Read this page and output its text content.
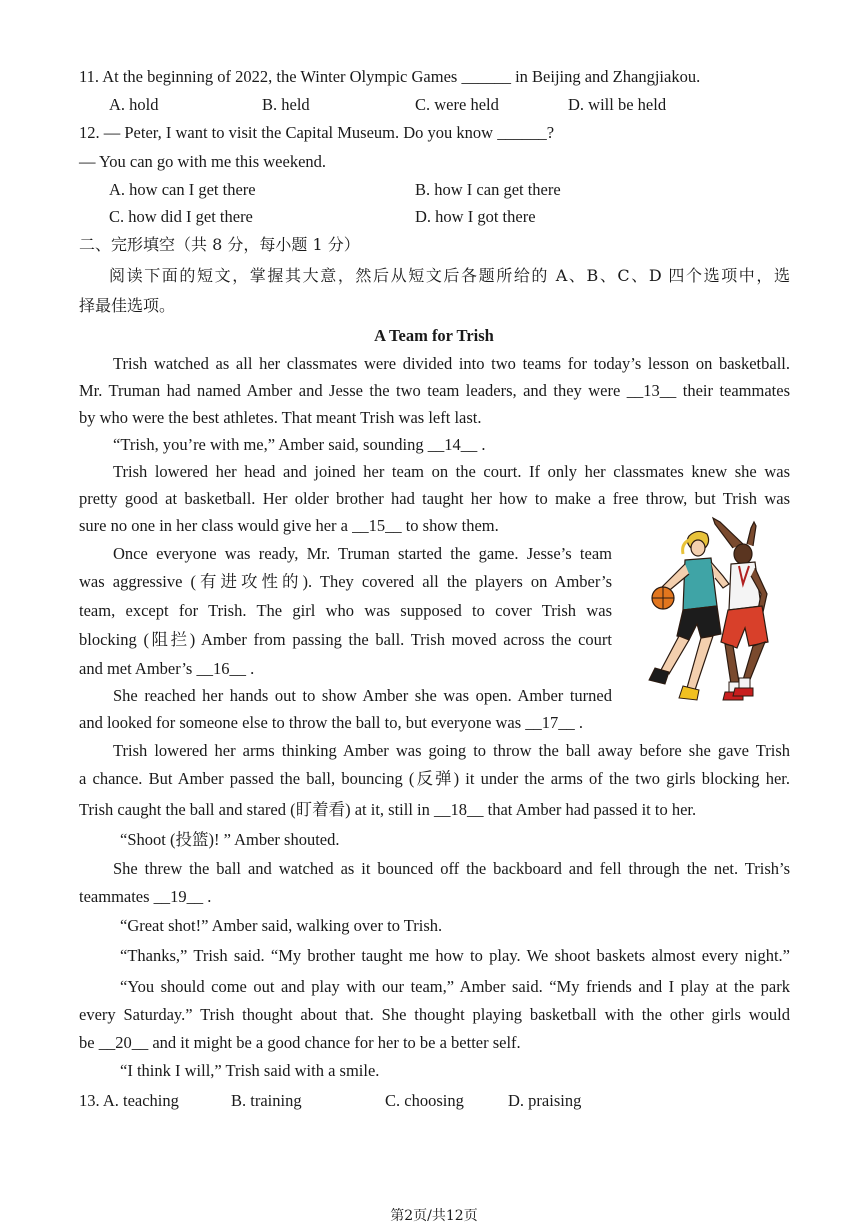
11. At the beginning of 2022, the Winter Olympic Games ______ in Beijing and Zhangjiakou.
A. hold	B. held	C. were held	D. will be held
12. — Peter, I want to visit the Capital Museum. Do you know ______?
— You can go with me this weekend.
A. how can I get there	B. how I can get there
C. how did I get there	D. how I got there
二、完形填空（共 8 分，每小题 1 分）
阅读下面的短文，掌握其大意，然后从短文后各题所给的 A、B、C、D 四个选项中，选
择最佳选项。
A Team for Trish
Trish watched as all her classmates were divided into two teams for today’s lesson on basketball.
Mr. Truman had named Amber and Jesse the two team leaders, and they were __13__ their teammates
by who were the best athletes. That meant Trish was left last.
“Trish, you’re with me,” Amber said, sounding __14__ .
Trish lowered her head and joined her team on the court. If only her classmates knew she was
pretty good at basketball. Her older brother had taught her how to make a free throw, but Trish was
sure no one in her class would give her a __15__ to show them.
Once everyone was ready, Mr. Truman started the game. Jesse’s team
was aggressive (有进攻性的). They covered all the players on Amber’s
team, except for Trish. The girl who was supposed to cover Trish was
blocking (阻拦) Amber from passing the ball. Trish moved across the court
and met Amber’s __16__ .
She reached her hands out to show Amber she was open. Amber turned
and looked for someone else to throw the ball to, but everyone was __17__ .
Trish lowered her arms thinking Amber was going to throw the ball away before she gave Trish
a chance. But Amber passed the ball, bouncing (反弹) it under the arms of the two girls blocking her.
Trish caught the ball and stared (盯着看) at it, still in __18__ that Amber had passed it to her.
“Shoot (投篮)! ” Amber shouted.
She threw the ball and watched as it bounced off the backboard and fell through the net. Trish’s
teammates __19__ .
“Great shot!” Amber said, walking over to Trish.
“Thanks,” Trish said. “My brother taught me how to play. We shoot baskets almost every night.”
“You should come out and play with our team,” Amber said. “My friends and I play at the park
every Saturday.” Trish thought about that. She thought playing basketball with the other girls would
be __20__ and it might be a good chance for her to be a better self.
“I think I will,” Trish said with a smile.
13. A. teaching	B. training	C. choosing	D. praising
第2页/共12页
